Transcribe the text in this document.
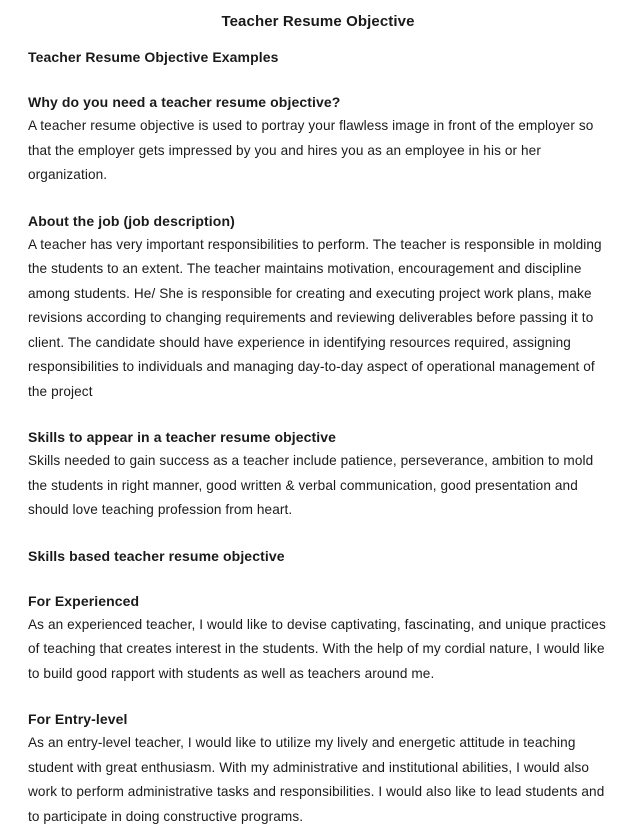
Teacher Resume Objective
Teacher Resume Objective Examples
Why do you need a teacher resume objective?

A teacher resume objective is used to portray your flawless image in front of the employer so that the employer gets impressed by you and hires you as an employee in his or her organization.

About the job (job description)

A teacher has very important responsibilities to perform. The teacher is responsible in molding the students to an extent. The teacher maintains motivation, encouragement and discipline among students. He/ She is responsible for creating and executing project work plans, make revisions according to changing requirements and reviewing deliverables before passing it to client. The candidate should have experience in identifying resources required, assigning responsibilities to individuals and managing day-to-day aspect of operational management of the project

Skills to appear in a teacher resume objective

Skills needed to gain success as a teacher include patience, perseverance, ambition to mold the students in right manner, good written & verbal communication, good presentation and should love teaching profession from heart.

Skills based teacher resume objective
For Experienced

As an experienced teacher, I would like to devise captivating, fascinating, and unique practices of teaching that creates interest in the students. With the help of my cordial nature, I would like to build good rapport with students as well as teachers around me.

For Entry-level

As an entry-level teacher, I would like to utilize my lively and energetic attitude in teaching student with great enthusiasm. With my administrative and institutional abilities, I would also work to perform administrative tasks and responsibilities. I would also like to lead students and to participate in doing constructive programs.
